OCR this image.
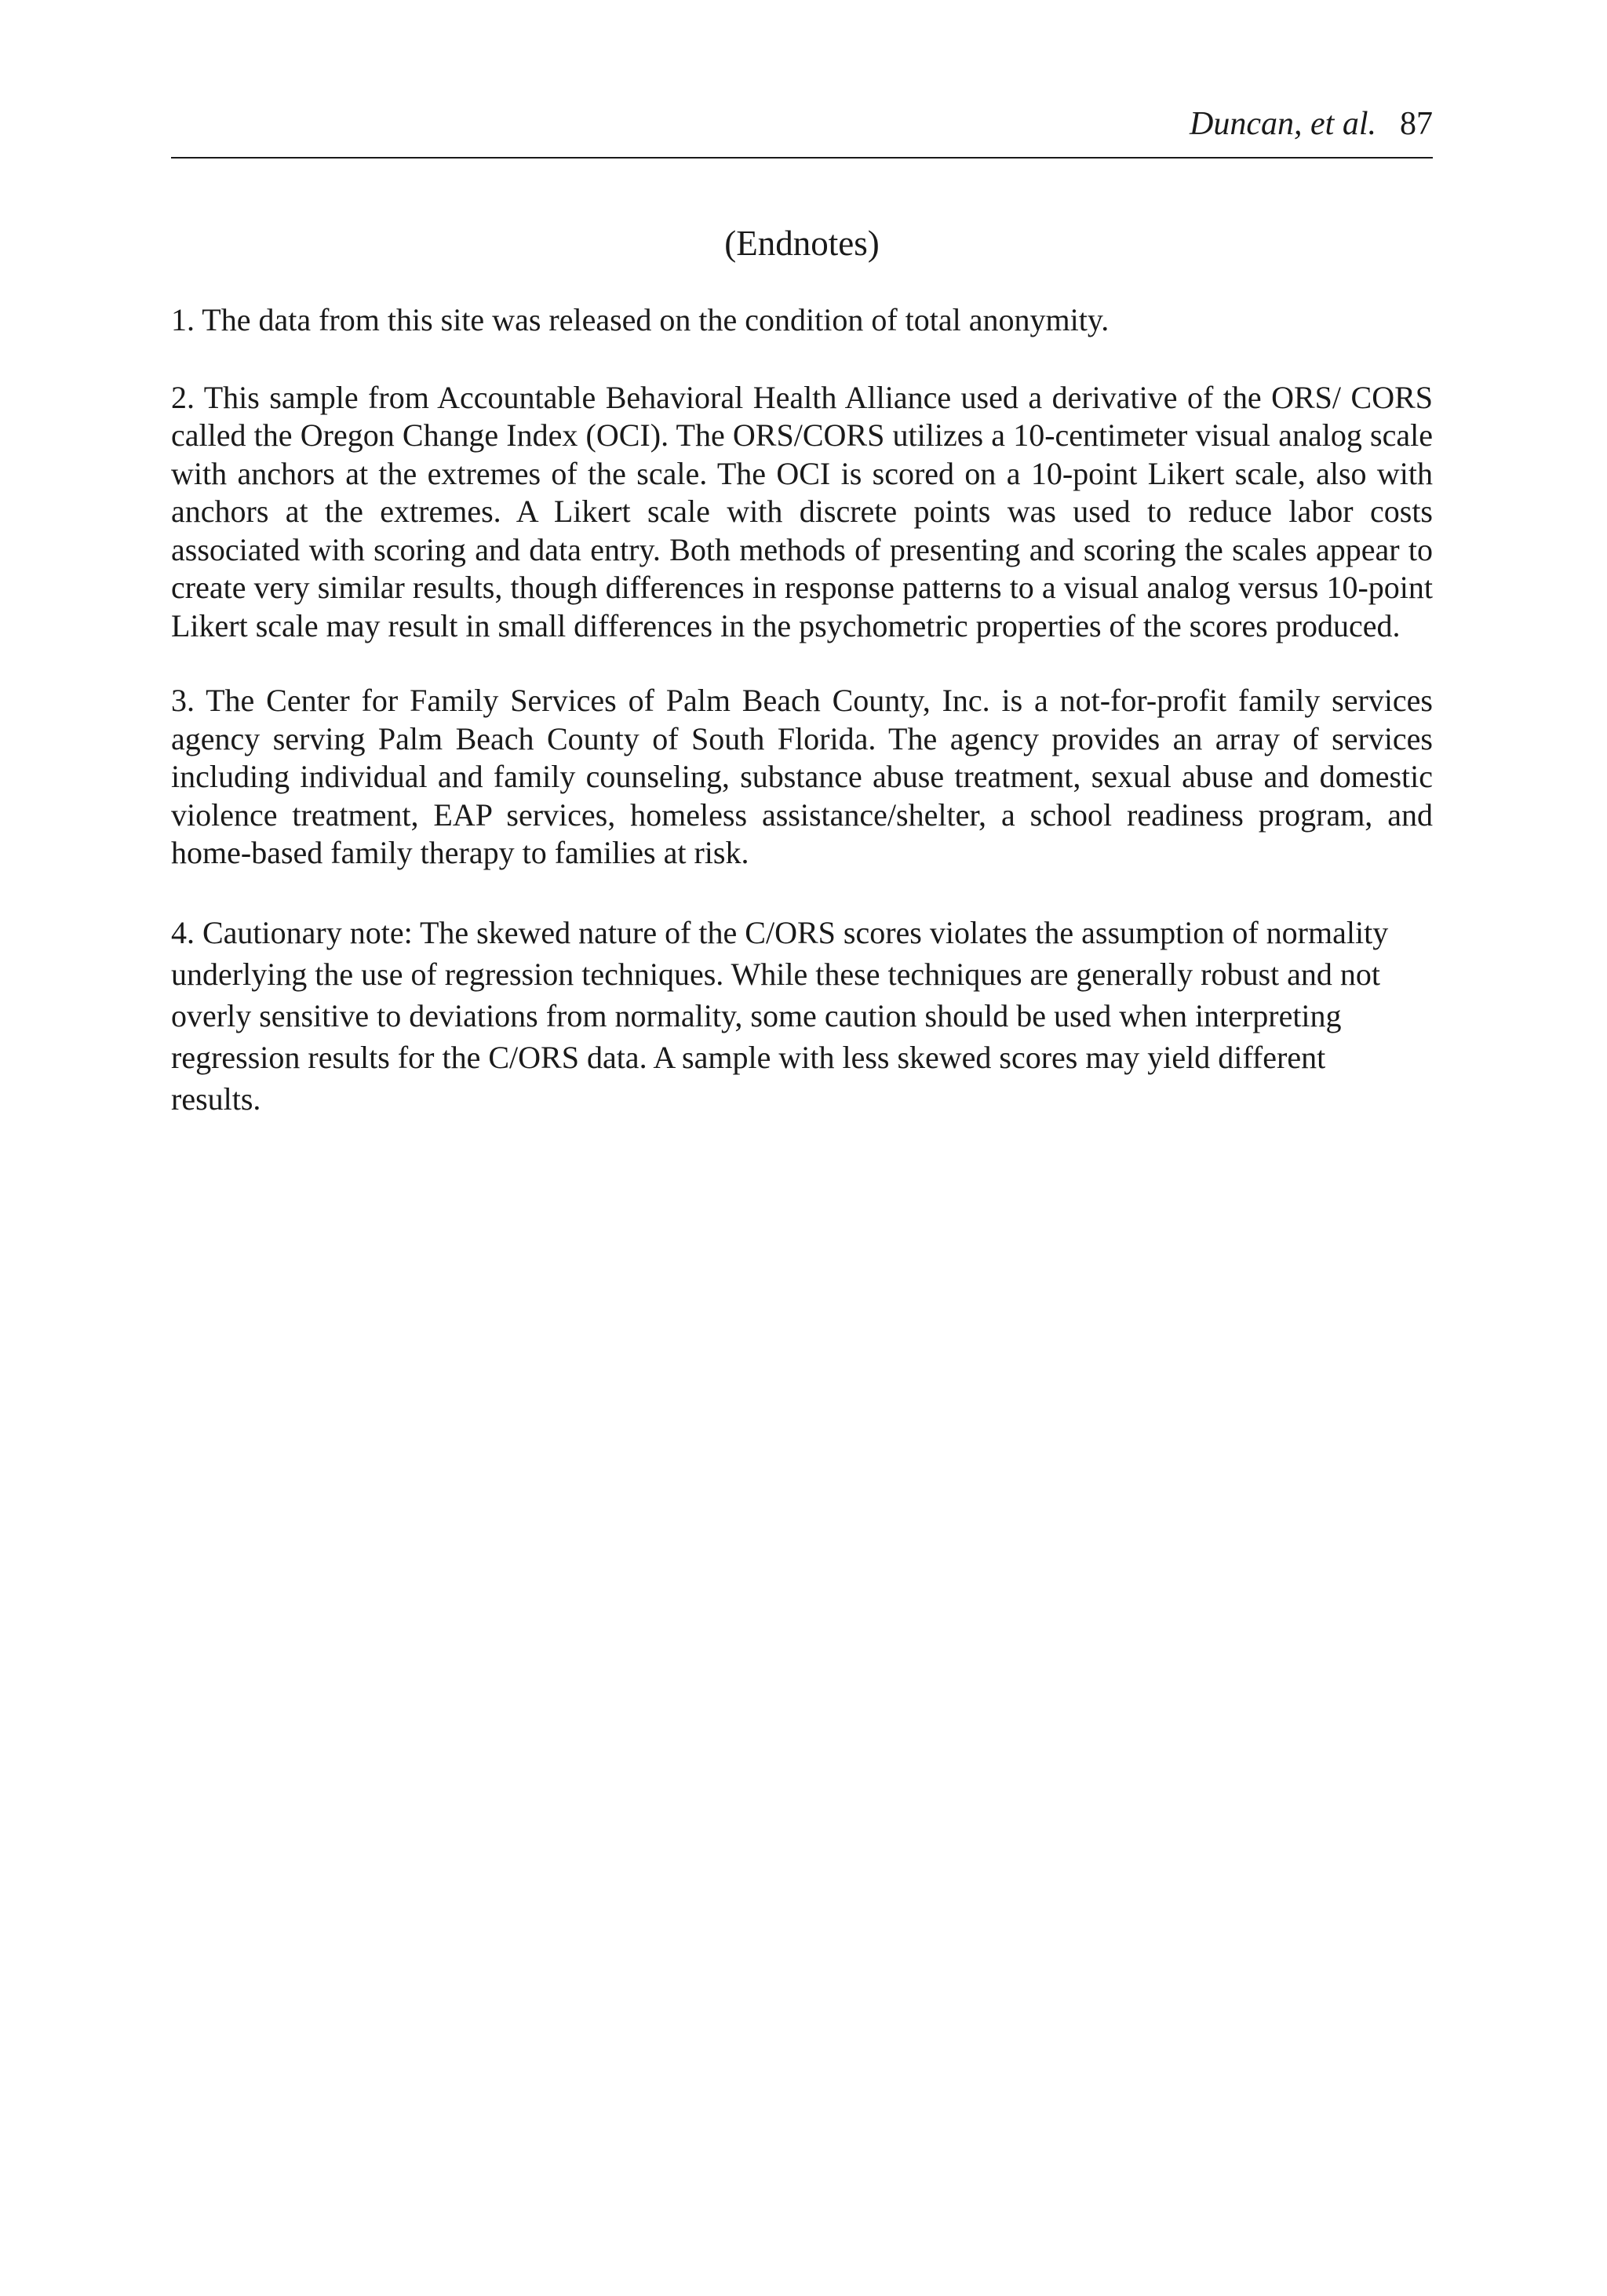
Duncan, et al. 87
(Endnotes)

1. The data from this site was released on the condition of total anonymity.

2. This sample from Accountable Behavioral Health Alliance used a derivative of the ORS/ CORS called the Oregon Change Index (OCI). The ORS/CORS utilizes a 10-centimeter visual analog scale with anchors at the extremes of the scale. The OCI is scored on a 10-point Likert scale, also with anchors at the extremes. A Likert scale with discrete points was used to reduce labor costs associated with scoring and data entry. Both methods of presenting and scoring the scales appear to create very similar results, though differences in response patterns to a visual analog versus 10-point Likert scale may result in small differences in the psychometric properties of the scores produced.

3. The Center for Family Services of Palm Beach County, Inc. is a not-for-profit family services agency serving Palm Beach County of South Florida. The agency provides an array of services including individual and family counseling, substance abuse treatment, sexual abuse and domestic violence treatment, EAP services, homeless assistance/shelter, a school readiness program, and home-based family therapy to families at risk.

4. Cautionary note: The skewed nature of the C/ORS scores violates the assumption of normality underlying the use of regression techniques. While these techniques are generally robust and not overly sensitive to deviations from normality, some caution should be used when interpreting regression results for the C/ORS data. A sample with less skewed scores may yield different results.
